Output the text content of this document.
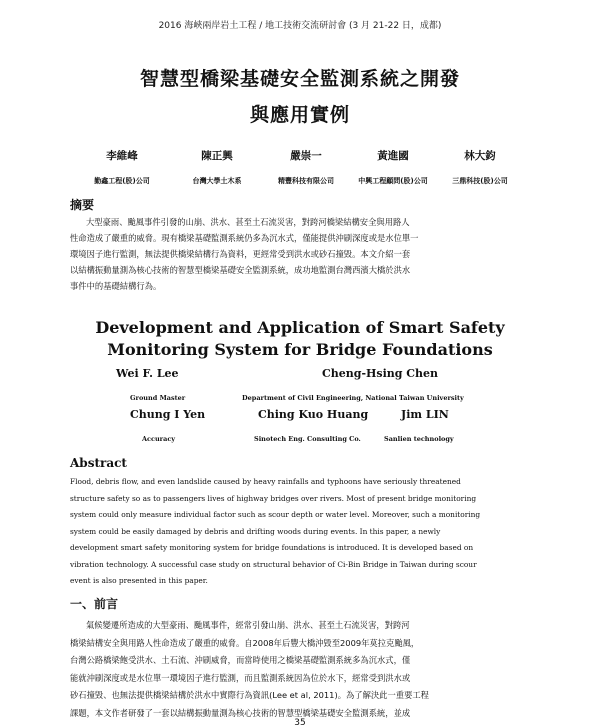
2016 海峽兩岸岩土工程 / 地工技術交流研討會 (3 月 21-22 日，成都)
智慧型橋梁基礎安全監測系統之開發
與應用實例
李維峰
勤鑫工程(股)公司
陳正興
台灣大學土木系
嚴崇一
精豐科技有限公司
黃進國
中興工程顧問(股)公司
林大鈞
三鼎科技(股)公司
摘要
大型豪雨、颱風事件引發的山崩、洪水、甚至土石流災害，對跨河橋梁結構安全與用路人
性命造成了嚴重的威脅。現有橋梁基礎監測系統仍多為沉水式，僅能提供沖刷深度或是水位單一
環境因子進行監測，無法提供橋梁結構行為資料，更經常受到洪水或砂石撞毀。本文介紹一套
以結構振動量測為核心技術的智慧型橋梁基礎安全監測系統，成功地監測台灣西濱大橋於洪水
事件中的基礎結構行為。
Development and Application of Smart Safety
Monitoring System for Bridge Foundations
Wei F. Lee
Ground Master
Cheng-Hsing Chen
Department of Civil Engineering, National Taiwan University
Chung I Yen
Accuracy
Ching Kuo Huang
Sinotech Eng. Consulting Co.
Jim LIN
Sanlien technology
Abstract
Flood, debris flow, and even landslide caused by heavy rainfalls and typhoons have seriously threatened
structure safety so as to passengers lives of highway bridges over rivers. Most of present bridge monitoring
system could only measure individual factor such as scour depth or water level. Moreover, such a monitoring
system could be easily damaged by debris and drifting woods during events. In this paper, a newly
development smart safety monitoring system for bridge foundations is introduced. It is developed based on
vibration technology. A successful case study on structural behavior of Ci-Bin Bridge in Taiwan during scour
event is also presented in this paper.
一、前言
氣候變遷所造成的大型豪雨、颱風事件，經常引發山崩、洪水、甚至土石流災害，對跨河
橋梁結構安全與用路人性命造成了嚴重的威脅。自2008年后豐大橋沖毀至2009年莫拉克颱風，
台灣公路橋梁飽受洪水、土石流、沖刷威脅，而當時使用之橋梁基礎監測系統多為沉水式，僅
能就沖刷深度或是水位單一環境因子進行監測，而且監測系統因為位於水下，經常受到洪水或
砂石撞毀、也無法提供橋梁結構於洪水中實際行為資訊(Lee et al, 2011)。為了解決此一重要工程
課題，本文作者研發了一套以結構振動量測為核心技術的智慧型橋梁基礎安全監測系統，並成
35
